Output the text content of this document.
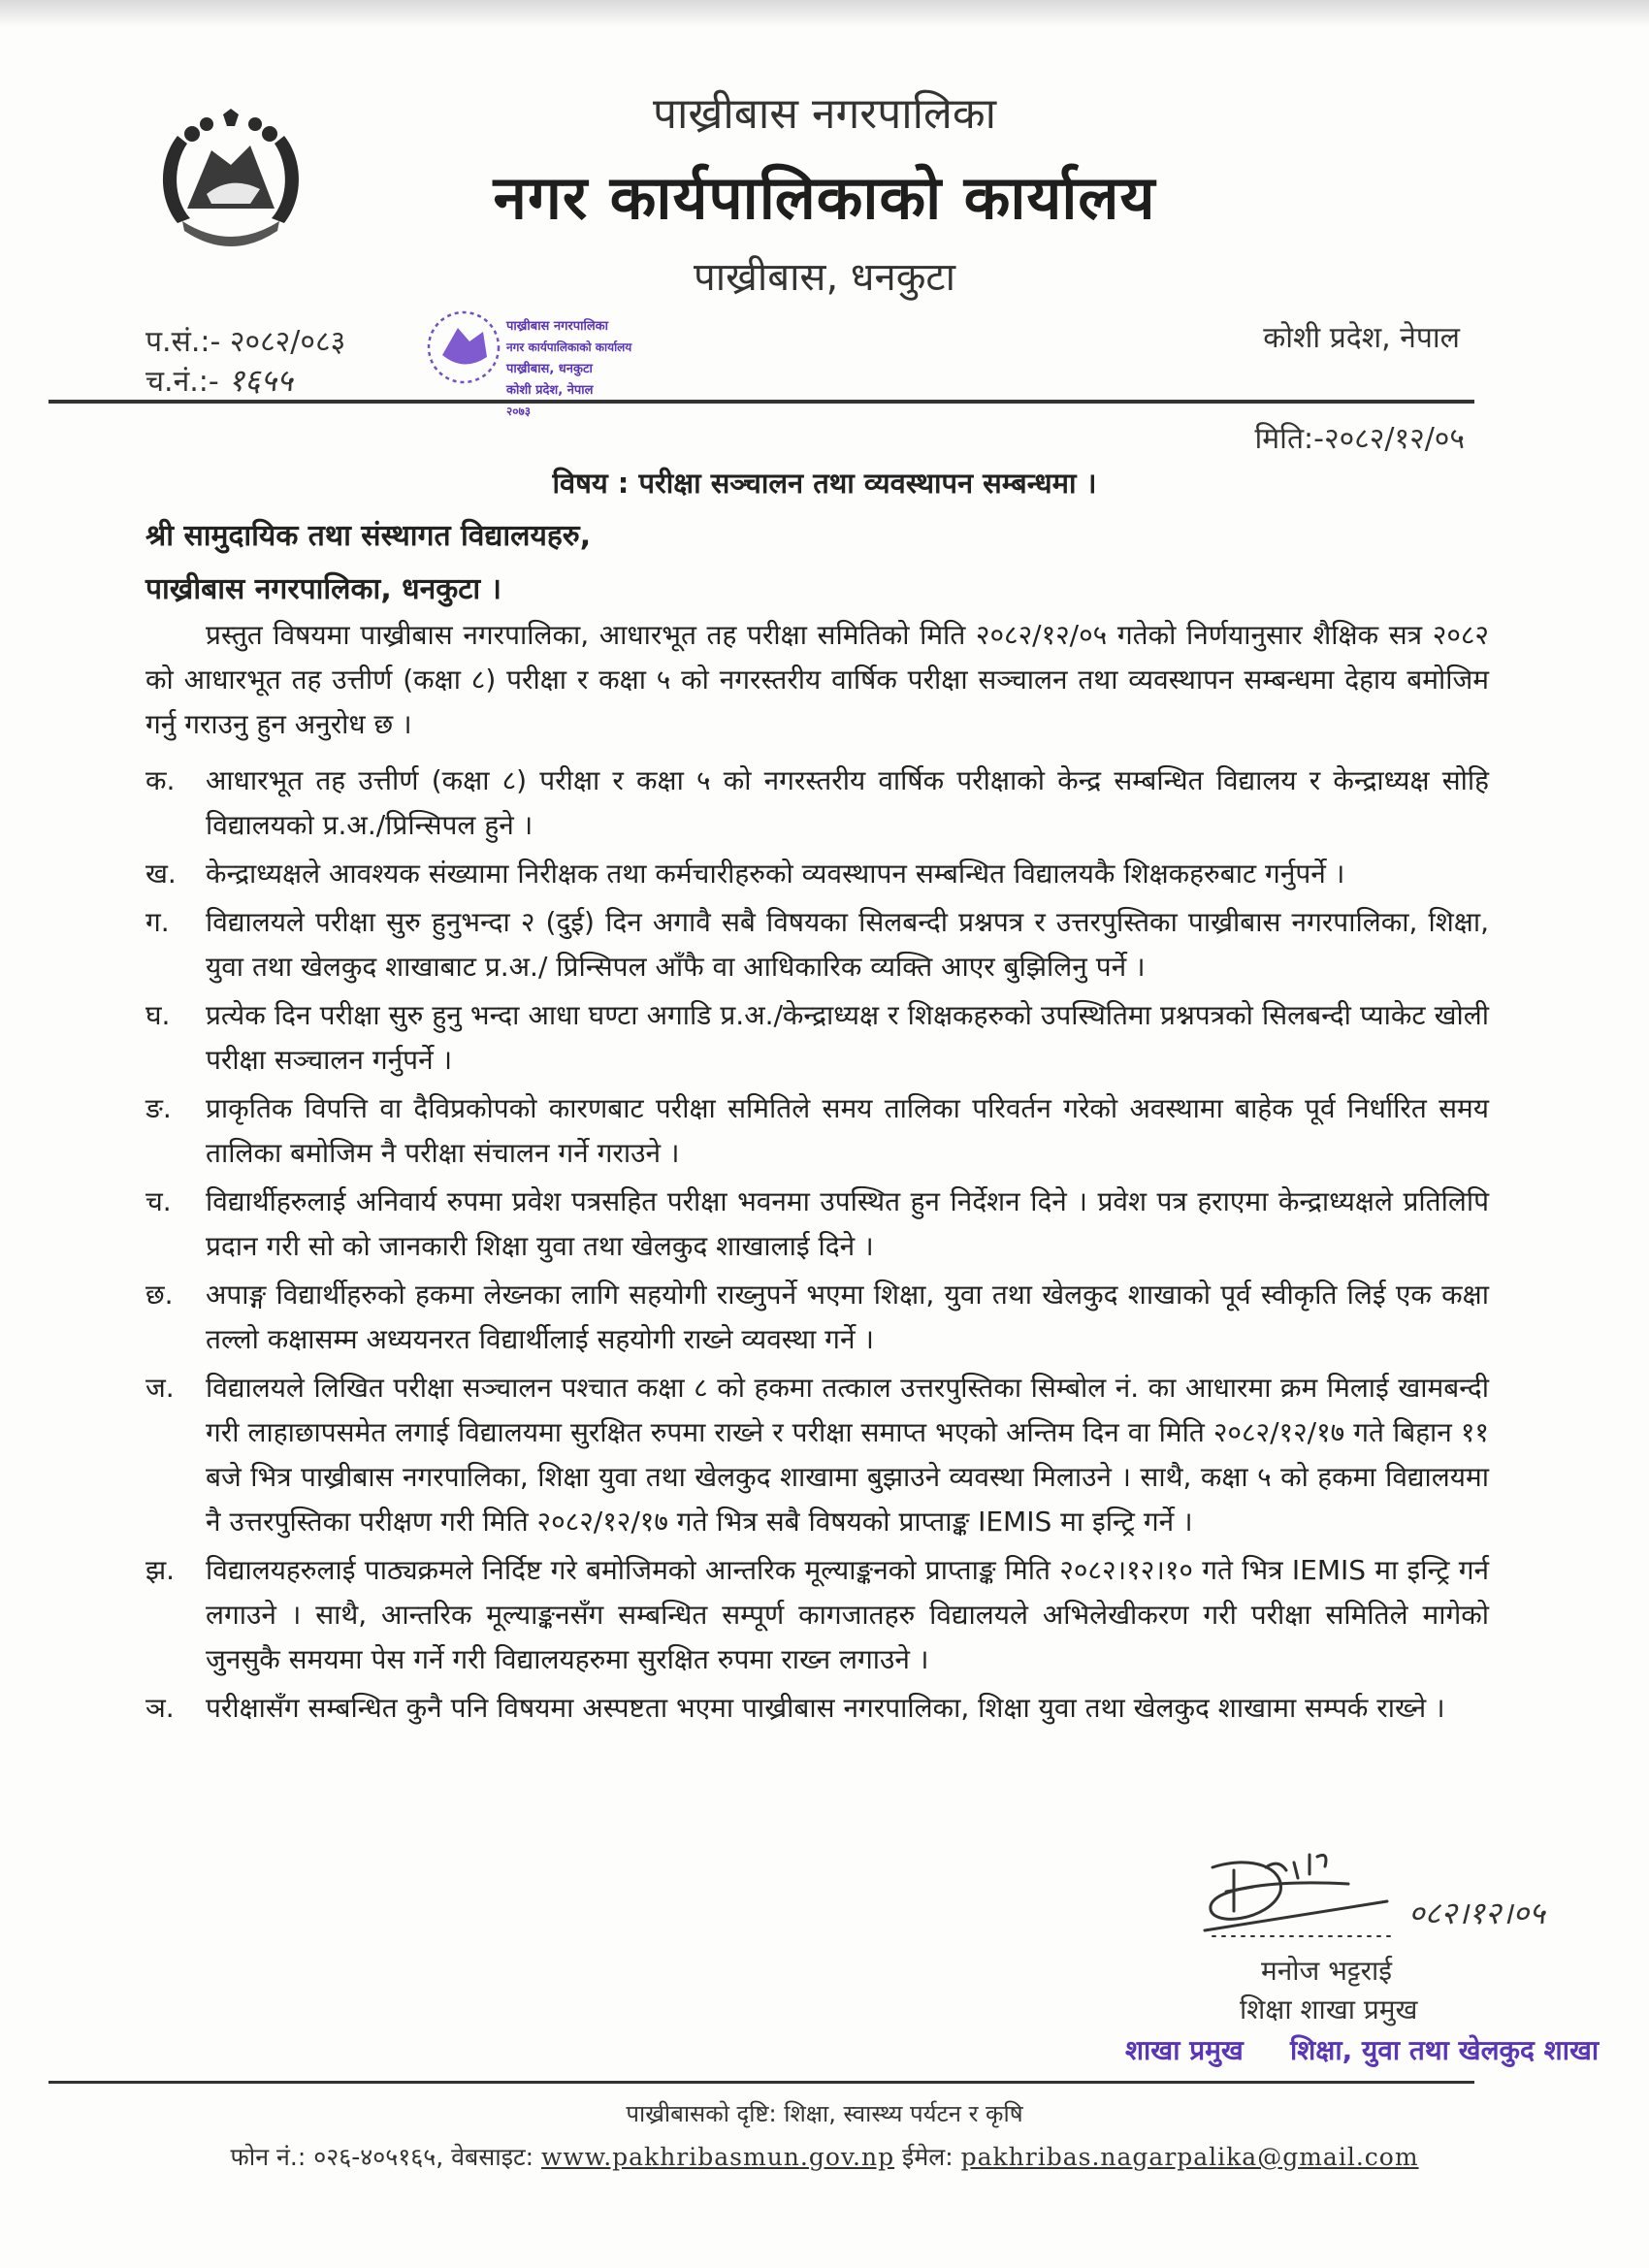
पाख्रीबास नगरपालिका
नगर कार्यपालिकाको कार्यालय
पाख्रीबास, धनकुटा
पाख्रीबास नगरपालिका
नगर कार्यपालिकाको कार्यालय
पाख्रीबास, धनकुटा
कोशी प्रदेश, नेपाल
२०७३
प.सं.:- २०८२/०८३
च.नं.:- १६५५
कोशी प्रदेश, नेपाल
मिति:-२०८२/१२/०५
विषय : परीक्षा सञ्चालन तथा व्यवस्थापन सम्बन्धमा ।
श्री सामुदायिक तथा संस्थागत विद्यालयहरु,
पाख्रीबास नगरपालिका, धनकुटा ।
प्रस्तुत विषयमा पाख्रीबास नगरपालिका, आधारभूत तह परीक्षा समितिको मिति २०८२/१२/०५ गतेको निर्णयानुसार शैक्षिक सत्र २०८२ को आधारभूत तह उत्तीर्ण (कक्षा ८) परीक्षा र कक्षा ५ को नगरस्तरीय वार्षिक परीक्षा सञ्चालन तथा व्यवस्थापन सम्बन्धमा देहाय बमोजिम गर्नु गराउनु हुन अनुरोध छ ।
क. आधारभूत तह उत्तीर्ण (कक्षा ८) परीक्षा र कक्षा ५ को नगरस्तरीय वार्षिक परीक्षाको केन्द्र सम्बन्धित विद्यालय र केन्द्राध्यक्ष सोहि विद्यालयको प्र.अ./प्रिन्सिपल हुने ।
ख. केन्द्राध्यक्षले आवश्यक संख्यामा निरीक्षक तथा कर्मचारीहरुको व्यवस्थापन सम्बन्धित विद्यालयकै शिक्षकहरुबाट गर्नुपर्ने ।
ग. विद्यालयले परीक्षा सुरु हुनुभन्दा २ (दुई) दिन अगावै सबै विषयका सिलबन्दी प्रश्नपत्र र उत्तरपुस्तिका पाख्रीबास नगरपालिका, शिक्षा, युवा तथा खेलकुद शाखाबाट प्र.अ./ प्रिन्सिपल आँफै वा आधिकारिक व्यक्ति आएर बुझिलिनु पर्ने ।
घ. प्रत्येक दिन परीक्षा सुरु हुनु भन्दा आधा घण्टा अगाडि प्र.अ./केन्द्राध्यक्ष र शिक्षकहरुको उपस्थितिमा प्रश्नपत्रको सिलबन्दी प्याकेट खोली परीक्षा सञ्चालन गर्नुपर्ने ।
ङ. प्राकृतिक विपत्ति वा दैविप्रकोपको कारणबाट परीक्षा समितिले समय तालिका परिवर्तन गरेको अवस्थामा बाहेक पूर्व निर्धारित समय तालिका बमोजिम नै परीक्षा संचालन गर्ने गराउने ।
च. विद्यार्थीहरुलाई अनिवार्य रुपमा प्रवेश पत्रसहित परीक्षा भवनमा उपस्थित हुन निर्देशन दिने । प्रवेश पत्र हराएमा केन्द्राध्यक्षले प्रतिलिपि प्रदान गरी सो को जानकारी शिक्षा युवा तथा खेलकुद शाखालाई दिने ।
छ. अपाङ्ग विद्यार्थीहरुको हकमा लेख्नका लागि सहयोगी राख्नुपर्ने भएमा शिक्षा, युवा तथा खेलकुद शाखाको पूर्व स्वीकृति लिई एक कक्षा तल्लो कक्षासम्म अध्ययनरत विद्यार्थीलाई सहयोगी राख्ने व्यवस्था गर्ने ।
ज. विद्यालयले लिखित परीक्षा सञ्चालन पश्चात कक्षा ८ को हकमा तत्काल उत्तरपुस्तिका सिम्बोल नं. का आधारमा क्रम मिलाई खामबन्दी गरी लाहाछापसमेत लगाई विद्यालयमा सुरक्षित रुपमा राख्ने र परीक्षा समाप्त भएको अन्तिम दिन वा मिति २०८२/१२/१७ गते बिहान ११ बजे भित्र पाख्रीबास नगरपालिका, शिक्षा युवा तथा खेलकुद शाखामा बुझाउने व्यवस्था मिलाउने । साथै, कक्षा ५ को हकमा विद्यालयमा नै उत्तरपुस्तिका परीक्षण गरी मिति २०८२/१२/१७ गते भित्र सबै विषयको प्राप्ताङ्क IEMIS मा इन्ट्रि गर्ने ।
झ. विद्यालयहरुलाई पाठ्यक्रमले निर्दिष्ट गरे बमोजिमको आन्तरिक मूल्याङ्कनको प्राप्ताङ्क मिति २०८२।१२।१० गते भित्र IEMIS मा इन्ट्रि गर्न लगाउने । साथै, आन्तरिक मूल्याङ्कनसँग सम्बन्धित सम्पूर्ण कागजातहरु विद्यालयले अभिलेखीकरण गरी परीक्षा समितिले मागेको जुनसुकै समयमा पेस गर्ने गरी विद्यालयहरुमा सुरक्षित रुपमा राख्न लगाउने ।
ञ. परीक्षासँग सम्बन्धित कुनै पनि विषयमा अस्पष्टता भएमा पाख्रीबास नगरपालिका, शिक्षा युवा तथा खेलकुद शाखामा सम्पर्क राख्ने ।
०८२।१२।०५
मनोज भट्टराई
शिक्षा शाखा प्रमुख
शाखा प्रमुख शिक्षा, युवा तथा खेलकुद शाखा
पाख्रीबासको दृष्टि: शिक्षा, स्वास्थ्य पर्यटन र कृषि
फोन नं.: ०२६-४०५१६५, वेबसाइट: www.pakhribasmun.gov.np ईमेल: pakhribas.nagarpalika@gmail.com
